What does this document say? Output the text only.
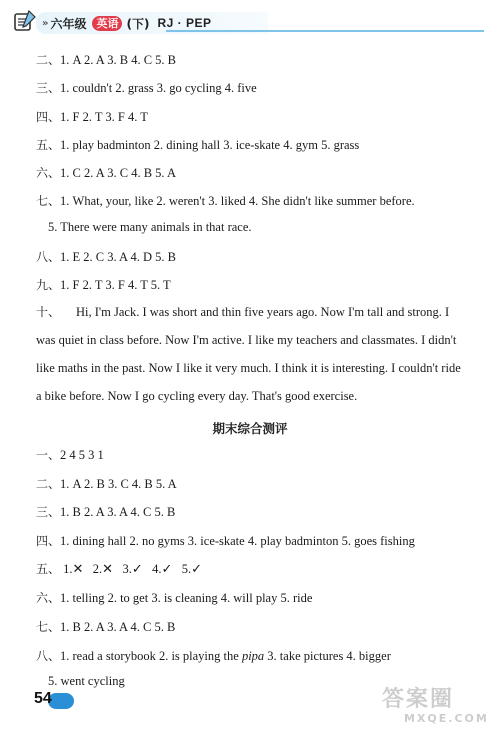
» 六年级 英语 (下) RJ · PEP
二、1. A 2. A 3. B 4. C 5. B
三、1. couldn't 2. grass 3. go cycling 4. five
四、1. F 2. T 3. F 4. T
五、1. play badminton 2. dining hall 3. ice-skate 4. gym 5. grass
六、1. C 2. A 3. C 4. B 5. A
七、1. What, your, like 2. weren't 3. liked 4. She didn't like summer before.
5. There were many animals in that race.
八、1. E 2. C 3. A 4. D 5. B
九、1. F 2. T 3. F 4. T 5. T
十、 Hi, I'm Jack. I was short and thin five years ago. Now I'm tall and strong. I was quiet in class before. Now I'm active. I like my teachers and classmates. I didn't like maths in the past. Now I like it very much. I think it is interesting. I couldn't ride a bike before. Now I go cycling every day. That's good exercise.
期末综合测评
一、2 4 5 3 1
二、1. A 2. B 3. C 4. B 5. A
三、1. B 2. A 3. A 4. C 5. B
四、1. dining hall 2. no gyms 3. ice-skate 4. play badminton 5. goes fishing
五、 1.✕ 2.✕ 3.✓ 4.✓ 5.✓
六、1. telling 2. to get 3. is cleaning 4. will play 5. ride
七、1. B 2. A 3. A 4. C 5. B
八、1. read a storybook 2. is playing the pipa 3. take pictures 4. bigger
5. went cycling
54	答案圈
MXQE.COM
